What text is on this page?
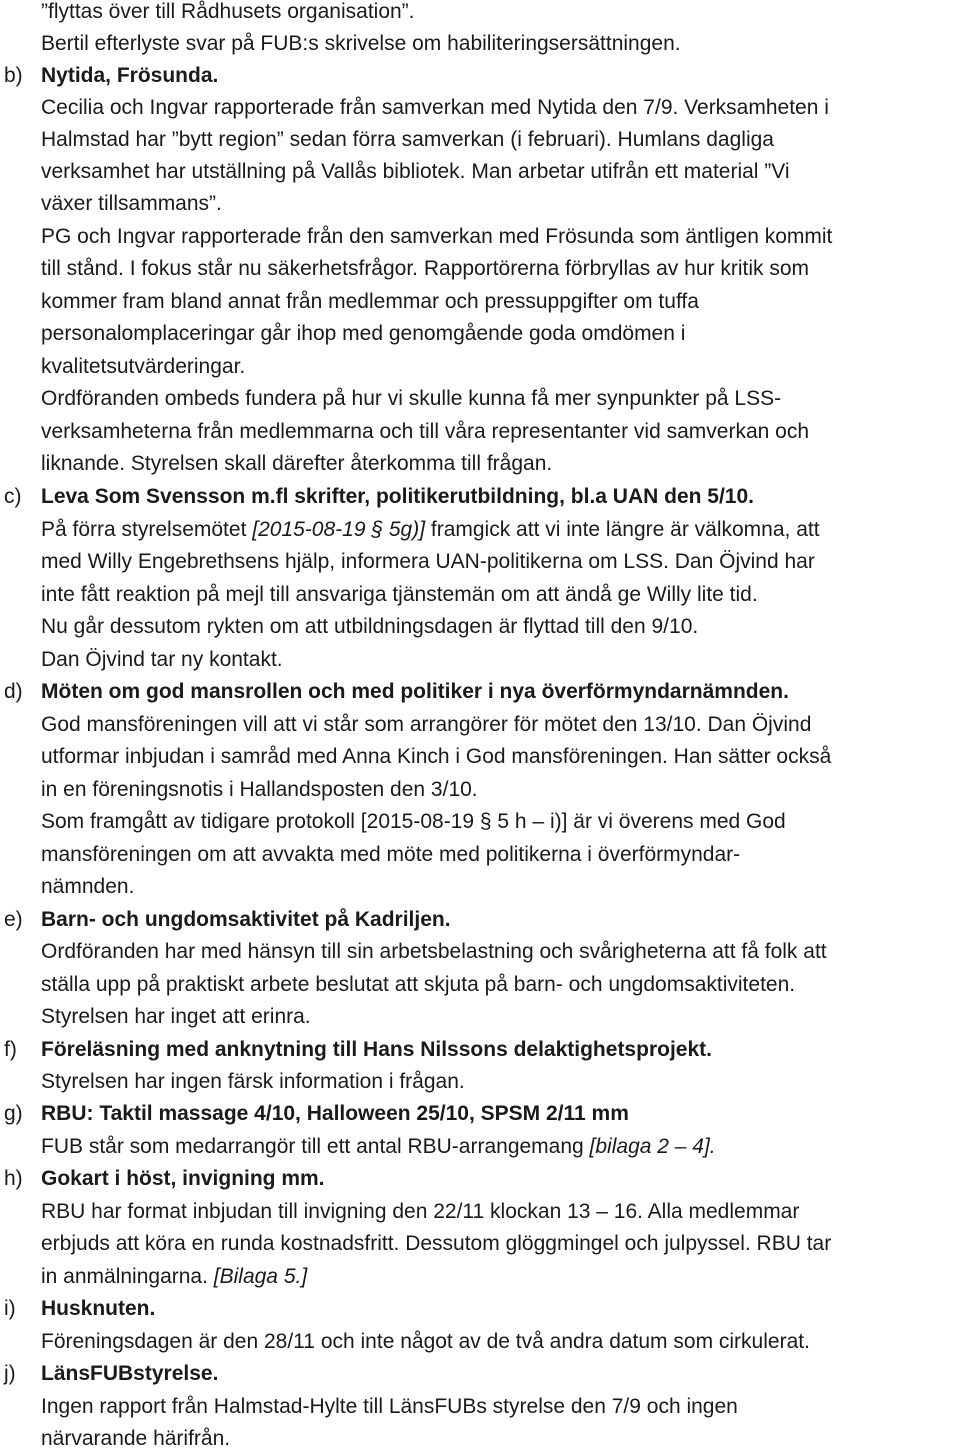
”flyttas över till Rådhusets organisation”.
Bertil efterlyste svar på FUB:s skrivelse om habiliteringsersättningen.
b) Nytida, Frösunda.
Cecilia och Ingvar rapporterade från samverkan med Nytida den 7/9. Verksamheten i
Halmstad har ”bytt region” sedan förra samverkan (i februari). Humlans dagliga
verksamhet har utställning på Vallås bibliotek. Man arbetar utifrån ett material ”Vi
växer tillsammans”.
PG och Ingvar rapporterade från den samverkan med Frösunda som äntligen kommit
till stånd. I fokus står nu säkerhetsfrågor. Rapportörerna förbryllas av hur kritik som
kommer fram bland annat från medlemmar och pressuppgifter om tuffa
personalomplaceringar går ihop med genomgående goda omdömen i
kvalitetsutvärderingar.
Ordföranden ombeds fundera på hur vi skulle kunna få mer synpunkter på LSS-
verksamheterna från medlemmarna och till våra representanter vid samverkan och
liknande. Styrelsen skall därefter återkomma till frågan.
c) Leva Som Svensson m.fl skrifter, politikerutbildning, bl.a UAN den 5/10.
På förra styrelsemötet [2015-08-19 § 5g)] framgick att vi inte längre är välkomna, att
med Willy Engebrethsens hjälp, informera UAN-politikerna om LSS. Dan Öjvind har
inte fått reaktion på mejl till ansvariga tjänstemän om att ändå ge Willy lite tid.
Nu går dessutom rykten om att utbildningsdagen är flyttad till den 9/10.
Dan Öjvind tar ny kontakt.
d) Möten om god mansrollen och med politiker i nya överförmyndarnämnden.
God mansföreningen vill att vi står som arrangörer för mötet den 13/10. Dan Öjvind
utformar inbjudan i samråd med Anna Kinch i God mansföreningen. Han sätter också
in en föreningsnotis i Hallandsposten den 3/10.
Som framgått av tidigare protokoll [2015-08-19 § 5 h – i)] är vi överens med God
mansföreningen om att avvakta med möte med politikerna i överförmyndar-
nämnden.
e) Barn- och ungdomsaktivitet på Kadriljen.
Ordföranden har med hänsyn till sin arbetsbelastning och svårigheterna att få folk att
ställa upp på praktiskt arbete beslutat att skjuta på barn- och ungdomsaktiviteten.
Styrelsen har inget att erinra.
f) Föreläsning med anknytning till Hans Nilssons delaktighetsprojekt.
Styrelsen har ingen färsk information i frågan.
g) RBU: Taktil massage 4/10, Halloween 25/10, SPSM 2/11 mm
FUB står som medarrangör till ett antal RBU-arrangemang [bilaga 2 – 4].
h) Gokart i höst, invigning mm.
RBU har format inbjudan till invigning den 22/11 klockan 13 – 16. Alla medlemmar
erbjuds att köra en runda kostnadsfritt. Dessutom glöggmingel och julpyssel. RBU tar
in anmälningarna. [Bilaga 5.]
i) Husknuten.
Föreningsdagen är den 28/11 och inte något av de två andra datum som cirkulerat.
j) LänsFUBstyrelse.
Ingen rapport från Halmstad-Hylte till LänsFUBs styrelse den 7/9 och ingen
närvarande härifrån.
